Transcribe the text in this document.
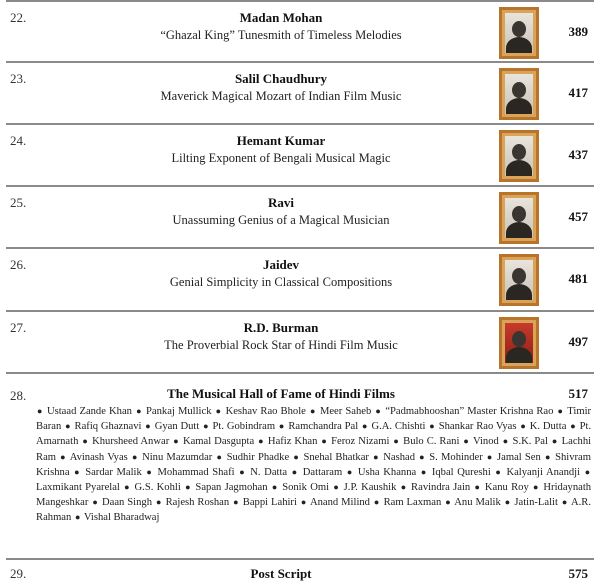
22.	Madan Mohan
“Ghazal King” Tunesmith of Timeless Melodies	389
23.	Salil Chaudhury
Maverick Magical Mozart of Indian Film Music	417
24.	Hemant Kumar
Lilting Exponent of Bengali Musical Magic	437
25.	Ravi
Unassuming Genius of a Magical Musician	457
26.	Jaidev
Genial Simplicity in Classical Compositions	481
27.	R.D. Burman
The Proverbial Rock Star of Hindi Film Music	497
28.	The Musical Hall of Fame of Hindi Films	517
● Ustaad Zande Khan ● Pankaj Mullick ● Keshav Rao Bhole ● Meer Saheb ● “Padmabhooshan” Master Krishna Rao ● Timir Baran ● Rafiq Ghaznavi ● Gyan Dutt ● Pt. Gobindram ● Ramchandra Pal ● G.A. Chishti ● Shankar Rao Vyas ● K. Dutta ● Pt. Amarnath ● Khursheed Anwar ● Kamal Dasgupta ● Hafiz Khan ● Feroz Nizami ● Bulo C. Rani ● Vinod ● S.K. Pal ● Lachhi Ram ● Avinash Vyas ● Ninu Mazumdar ● Sudhir Phadke ● Snehal Bhatkar ● Nashad ● S. Mohinder ● Jamal Sen ● Shivram Krishna ● Sardar Malik ● Mohammad Shafi ● N. Datta ● Dattaram ● Usha Khanna ● Iqbal Qureshi ● Kalyanji Anandji ● Laxmikant Pyarelal ● G.S. Kohli ● Sapan Jagmohan ● Sonik Omi ● J.P. Kaushik ● Ravindra Jain ● Kanu Roy ● Hridaynath Mangeshkar ● Daan Singh ● Rajesh Roshan ● Bappi Lahiri ● Anand Milind ● Ram Laxman ● Anu Malik ● Jatin-Lalit ● A.R. Rahman ● Vishal Bharadwaj
29.	Post Script	575
